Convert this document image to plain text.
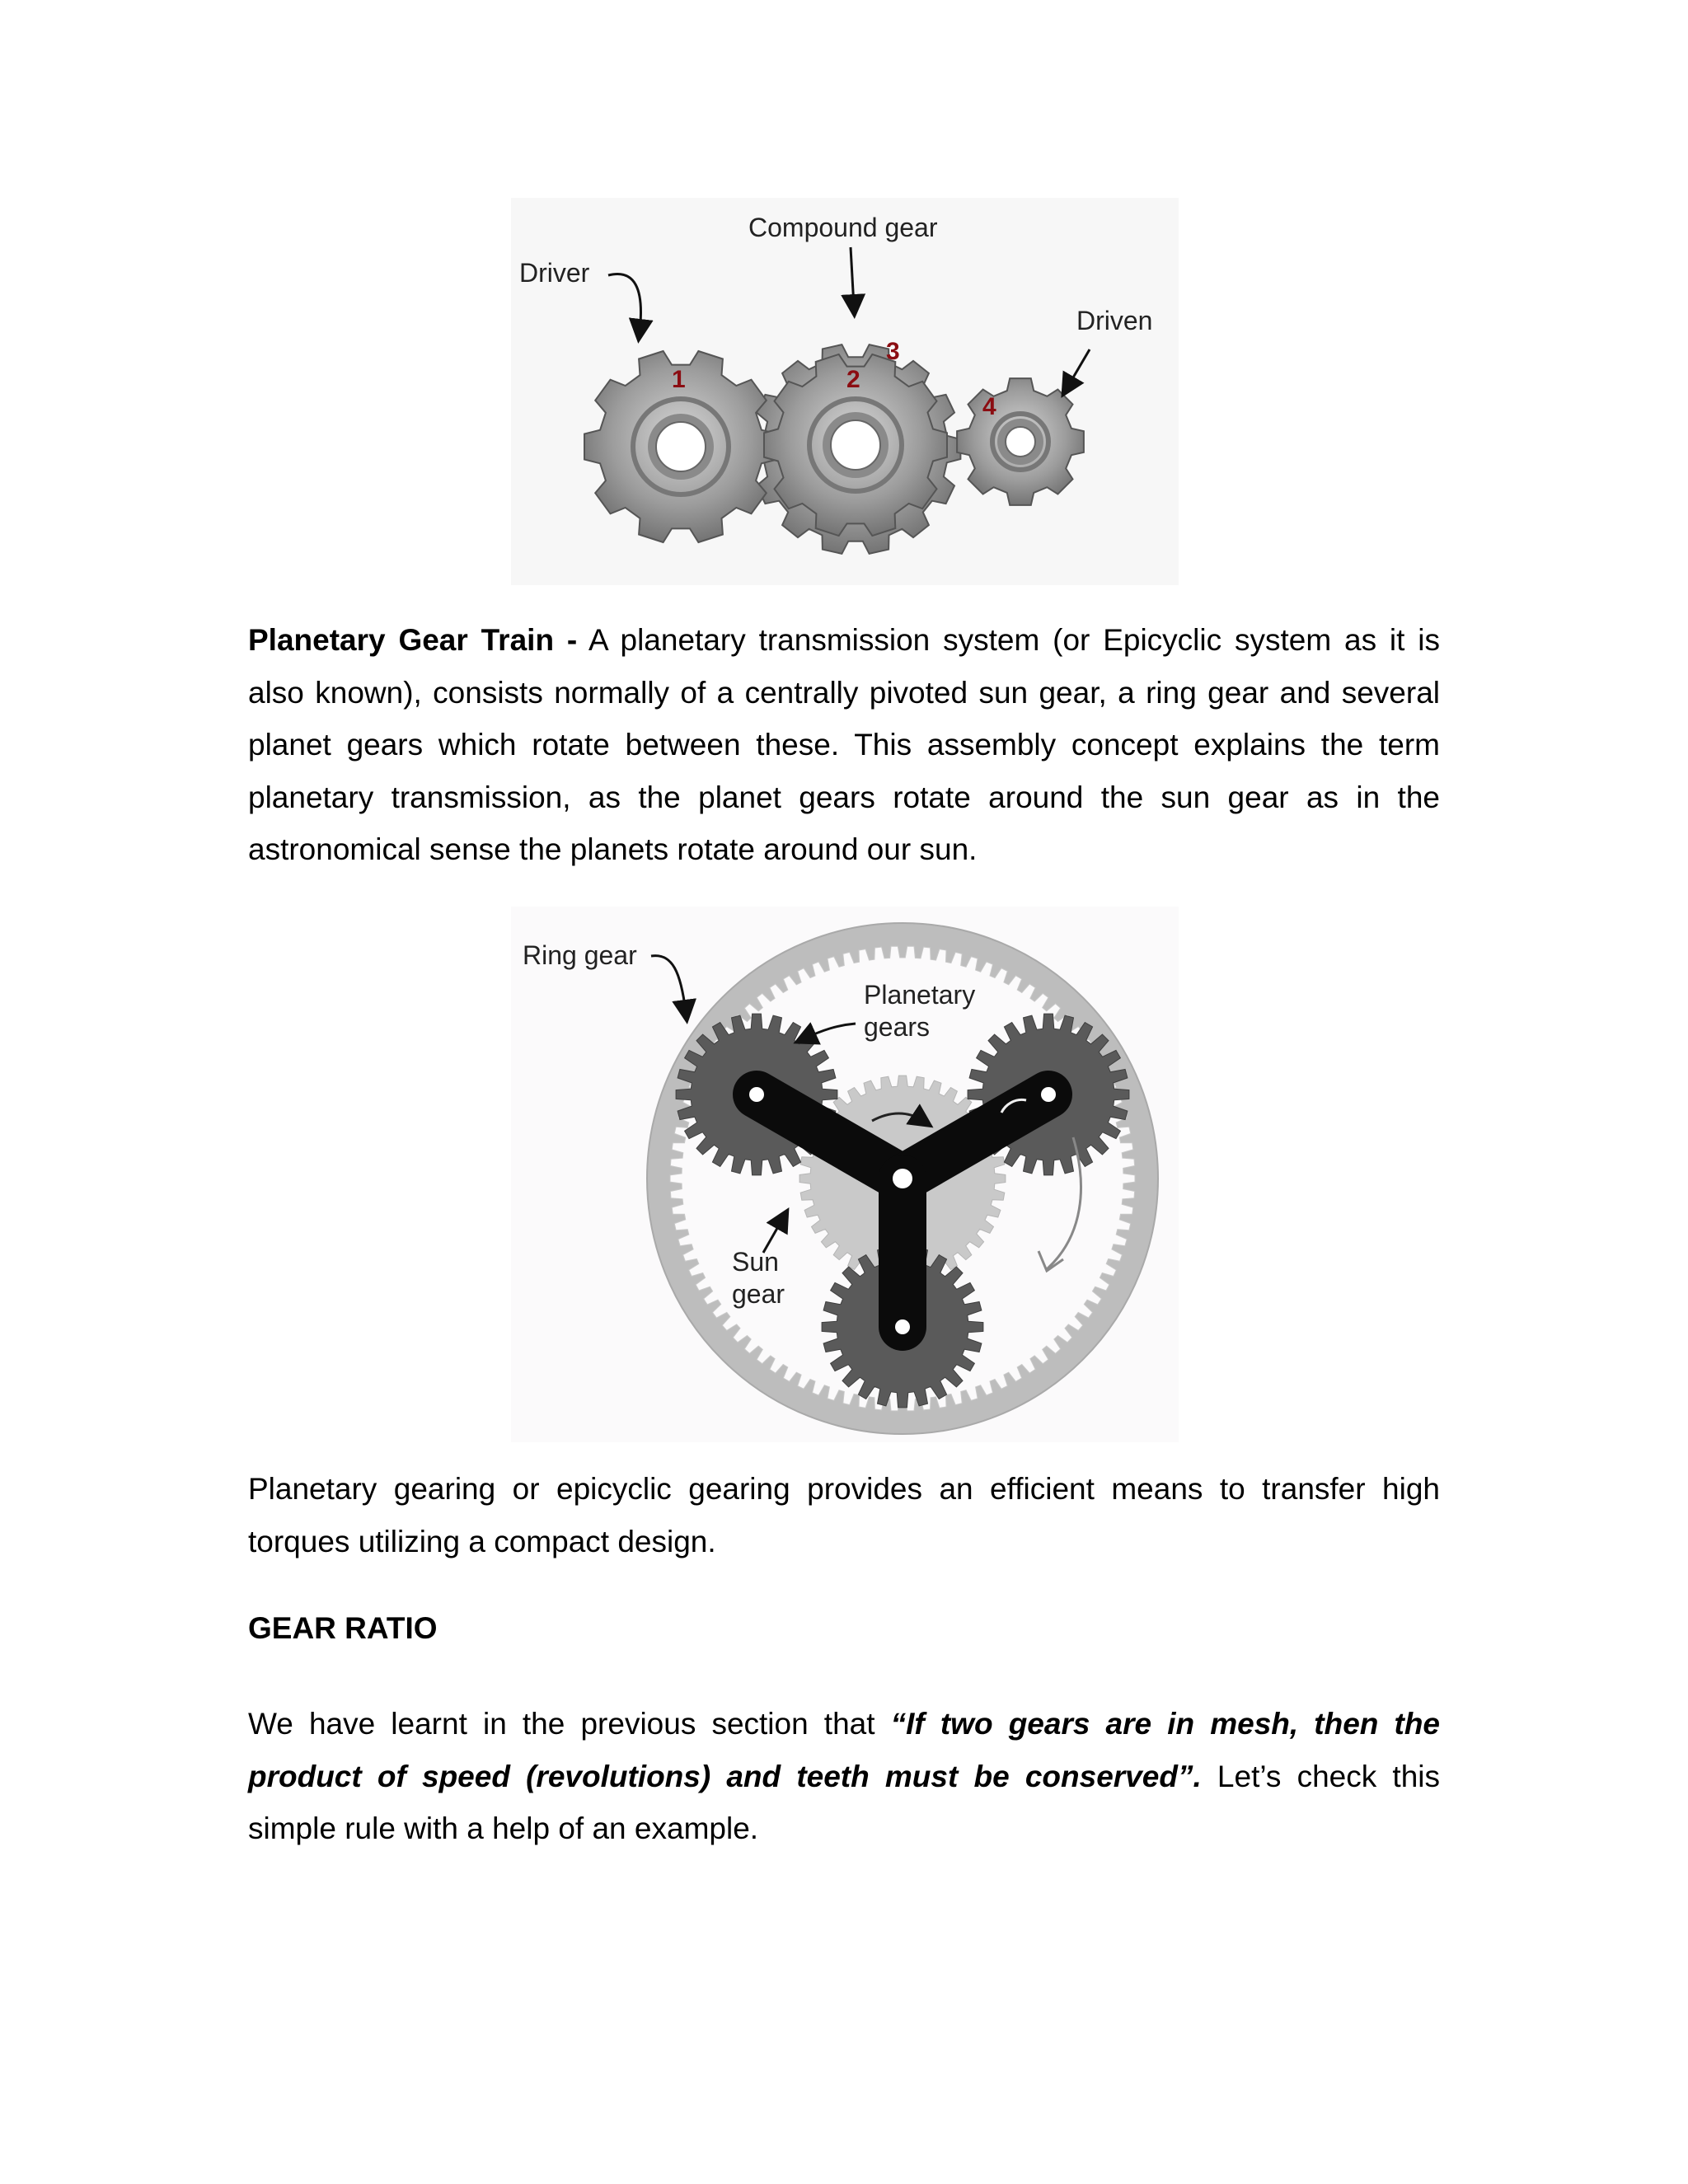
Driver
Compound gear
Driven
1	2
3
4

Planetary Gear Train - A planetary transmission system (or Epicyclic system as it is also known), consists normally of a centrally pivoted sun gear, a ring gear and several planet gears which rotate between these. This assembly concept explains the term planetary transmission, as the planet gears rotate around the sun gear as in the astronomical sense the planets rotate around our sun.

Ring gear
Planetary
gears
Sun
gear

Planetary gearing or epicyclic gearing provides an efficient means to transfer high torques utilizing a compact design.

GEAR RATIO

We have learnt in the previous section that “If two gears are in mesh, then the product of speed (revolutions) and teeth must be conserved”. Let’s check this simple rule with a help of an example.
